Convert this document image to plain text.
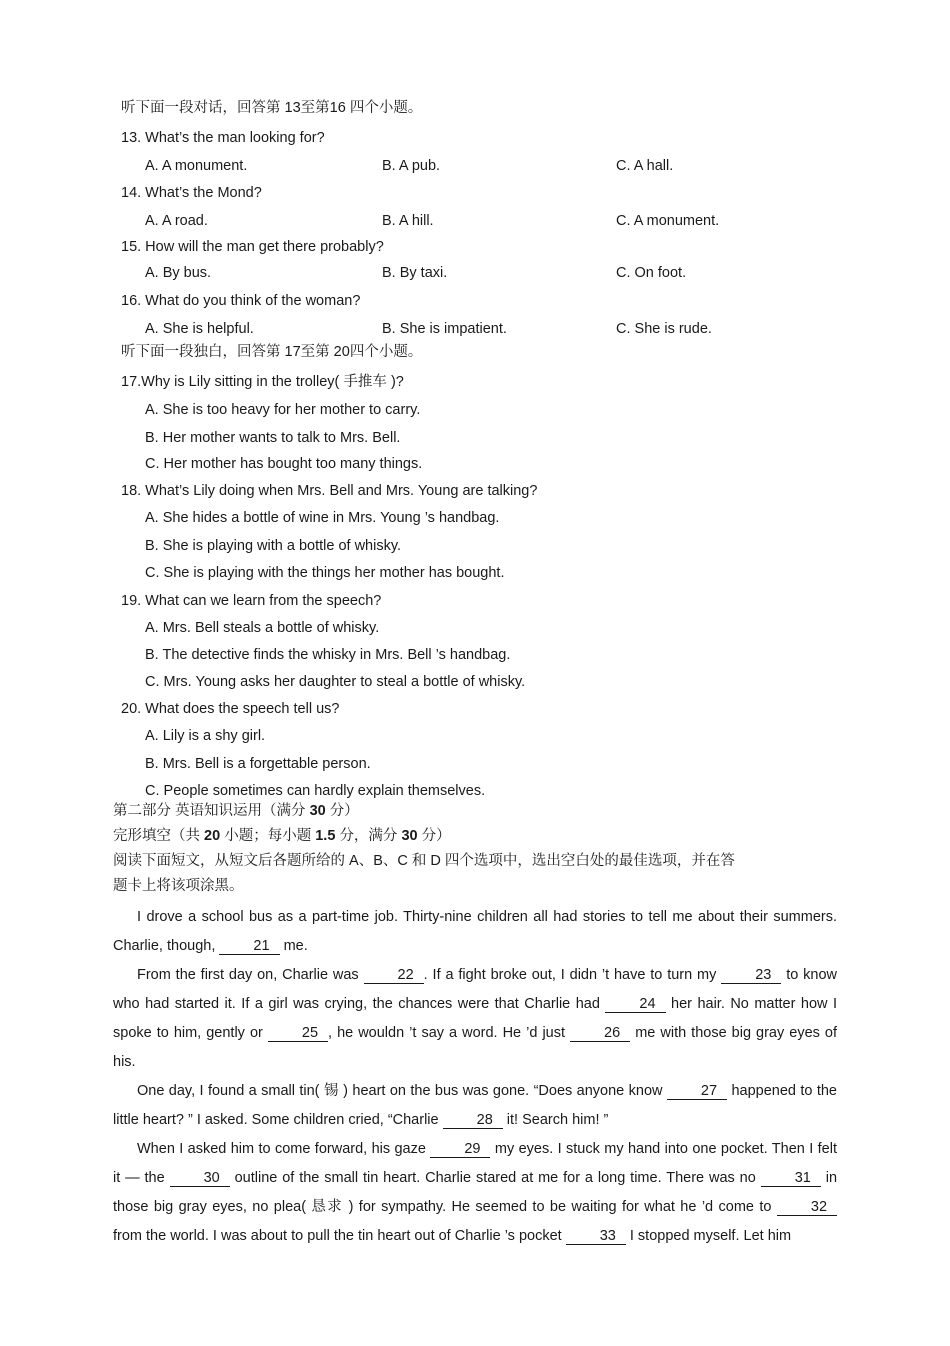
听下面一段对话，回答第 13至第16 四个小题。
13. What’s the man looking for?
A. A monument.	B. A pub.	C. A hall.
14. What’s the Mond?
A. A road.	B. A hill.	C. A monument.
15. How will the man get there probably?
A. By bus.	B. By taxi.	C. On foot.
16. What do you think of the woman?
A. She is helpful.	B. She is impatient.	C. She is rude.
听下面一段独白，回答第 17至第 20四个小题。
17.Why is Lily sitting in the trolley( 手推车 )?
A. She is too heavy for her mother to carry.
B. Her mother wants to talk to Mrs. Bell.
C. Her mother has bought too many things.
18. What’s Lily doing when Mrs. Bell and Mrs. Young are talking?
A. She hides a bottle of wine in Mrs. Young ’s handbag.
B. She is playing with a bottle of whisky.
C. She is playing with the things her mother has bought.
19. What can we learn from the speech?
A. Mrs. Bell steals a bottle of whisky.
B. The detective finds the whisky in Mrs. Bell ’s handbag.
C. Mrs. Young asks her daughter to steal a bottle of whisky.
20. What does the speech tell us?
A. Lily is a shy girl.
B. Mrs. Bell is a forgettable person.
C. People sometimes can hardly explain themselves.
第二部分 英语知识运用（满分 30 分）
完形填空（共 20 小题；每小题 1.5 分，满分 30 分）
阅读下面短文，从短文后各题所给的 A、B、C 和 D 四个选项中，选出空白处的最佳选项，并在答
题卡上将该项涂黑。

I drove a school bus as a part-time job. Thirty-nine children all had stories to tell me about their summers. Charlie, though,	21 me.

From the first day on, Charlie was	22 . If a fight broke out, I didn ’t have to turn my	23 to know who had started it. If a girl was crying, the chances were that Charlie had	24 her hair. No matter how I spoke to him, gently or	25 , he wouldn ’t say a word. He ’d just	26 me with those big gray eyes of his.

One day, I found a small tin( 锡 ) heart on the bus was gone. “Does anyone know	27 happened to the little heart? ” I asked. Some children cried, “Charlie	28 it! Search him! ”

When I asked him to come forward, his gaze	29 my eyes. I stuck my hand into one pocket. Then I felt it — the	30 outline of the small tin heart. Charlie stared at me for a long time. There was no	31 in those big gray eyes, no plea( 恳求 ) for sympathy. He seemed to be waiting for what he ’d come to	32 from the world. I was about to pull the tin heart out of Charlie ’s pocket	33 I stopped myself. Let him
